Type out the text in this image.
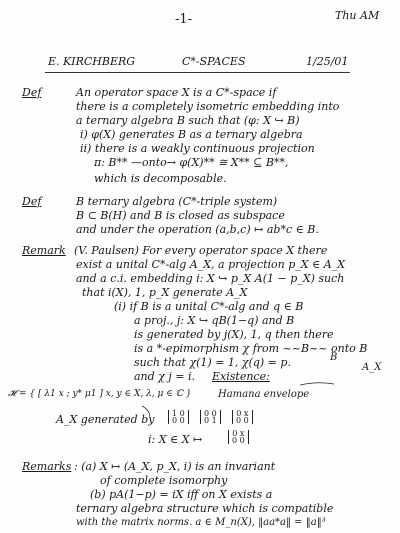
-1-	Thu AM
E. KIRCHBERG	C*-SPACES	1/25/01
Def	An operator space X is a C*-space if
there is a completely isometric embedding into
a ternary algebra B such that (φ: X ↪ B)
i) φ(X) generates B as a ternary algebra
ii) there is a weakly continuous projection
π: B** —onto→ φ(X)** ≅ X** ⊆ B**,
which is decomposable.
Def	B ternary algebra (C*-triple system)
B ⊂ B(H) and B is closed as subspace
and under the operation (a,b,c) ↦ ab*c ∈ B.
Remark (V. Paulsen) For every operator space X there
exist a unital C*-alg A_X, a projection p_X ∈ A_X
and a c.i. embedding i: X ↪ p_X A(1 − p_X) such
that i(X), 1, p_X generate A_X
(i) if B is a unital C*-alg and q ∈ B
a proj., j: X ↪ qB(1−q) and B
is generated by j(X), 1, q then there
is a *-epimorphism χ from ~~B~~ onto B
such that χ(1) = 1, χ(q) = p.	B
A_X
and χ j = i. Existence:
𝓗 = { [ λ1 x ; y* μ1 ] x, y ∈ X, λ, μ ∈ ℂ }	Hamana envelope
A_X generated by	1 0
0 0
0 0
0 1
0 x
0 0
i: X ∈ X ↦	0 x
0 0
Remarks : (a) X ↦ (A_X, p_X, i) is an invariant
of complete isomorphy
(b) pA(1−p) = iX iff on X exists a
ternary algebra structure which is compatible
with the matrix norms. a ∈ M_n(X), ‖aa*a‖ = ‖a‖³
